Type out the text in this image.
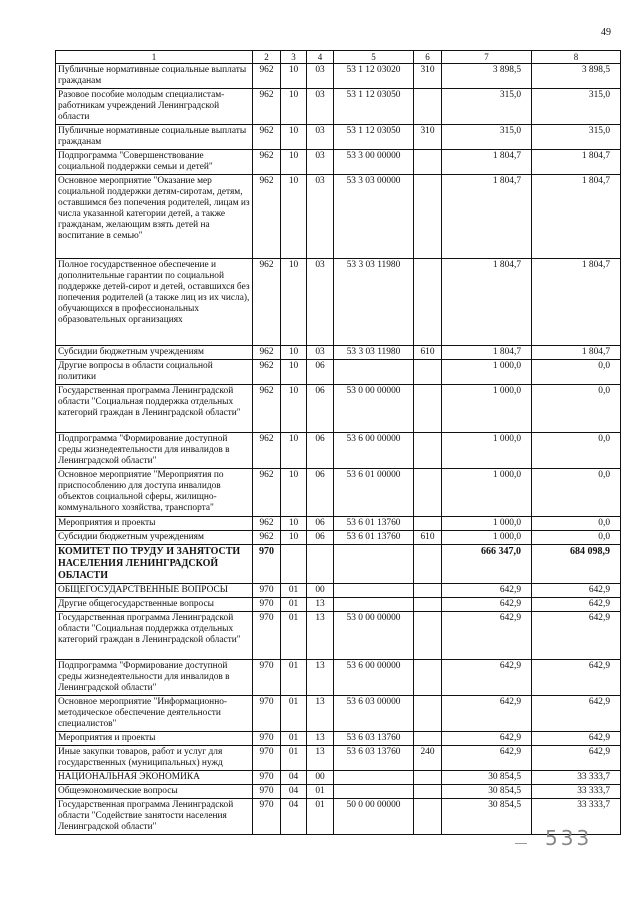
49
1	2	3	4	5	6	7	8
Публичные нормативные социальные выплаты гражданам	962	10	03	53 1 12 03020	310	3 898,5	3 898,5
Разовое пособие молодым специалистам-работникам учреждений Ленинградской области	962	10	03	53 1 12 03050		315,0	315,0
Публичные нормативные социальные выплаты гражданам	962	10	03	53 1 12 03050	310	315,0	315,0
Подпрограмма "Совершенствование социальной поддержки семьи и детей"	962	10	03	53 3 00 00000		1 804,7	1 804,7
Основное мероприятие "Оказание мер социальной поддержки детям-сиротам, детям, оставшимся без попечения родителей, лицам из числа указанной категории детей, а также гражданам, желающим взять детей на воспитание в семью"	962	10	03	53 3 03 00000		1 804,7	1 804,7
Полное государственное обеспечение и дополнительные гарантии по социальной поддержке детей-сирот и детей, оставшихся без попечения родителей (а также лиц из их числа), обучающихся в профессиональных образовательных организациях	962	10	03	53 3 03 11980		1 804,7	1 804,7
Субсидии бюджетным учреждениям	962	10	03	53 3 03 11980	610	1 804,7	1 804,7
Другие вопросы в области социальной политики	962	10	06			1 000,0	0,0
Государственная программа Ленинградской области "Социальная поддержка отдельных категорий граждан в Ленинградской области"	962	10	06	53 0 00 00000		1 000,0	0,0
Подпрограмма "Формирование доступной среды жизнедеятельности для инвалидов в Ленинградской области"	962	10	06	53 6 00 00000		1 000,0	0,0
Основное мероприятие "Мероприятия по приспособлению для доступа инвалидов объектов социальной сферы, жилищно-коммунального хозяйства, транспорта"	962	10	06	53 6 01 00000		1 000,0	0,0
Мероприятия и проекты	962	10	06	53 6 01 13760		1 000,0	0,0
Субсидии бюджетным учреждениям	962	10	06	53 6 01 13760	610	1 000,0	0,0
КОМИТЕТ ПО ТРУДУ И ЗАНЯТОСТИ НАСЕЛЕНИЯ ЛЕНИНГРАДСКОЙ ОБЛАСТИ	970					666 347,0	684 098,9
ОБЩЕГОСУДАРСТВЕННЫЕ ВОПРОСЫ	970	01	00			642,9	642,9
Другие общегосударственные вопросы	970	01	13			642,9	642,9
Государственная программа Ленинградской области "Социальная поддержка отдельных категорий граждан в Ленинградской области"	970	01	13	53 0 00 00000		642,9	642,9
Подпрограмма "Формирование доступной среды жизнедеятельности для инвалидов в Ленинградской области"	970	01	13	53 6 00 00000		642,9	642,9
Основное мероприятие "Информационно-методическое обеспечение деятельности специалистов"	970	01	13	53 6 03 00000		642,9	642,9
Мероприятия и проекты	970	01	13	53 6 03 13760		642,9	642,9
Иные закупки товаров, работ и услуг для государственных (муниципальных) нужд	970	01	13	53 6 03 13760	240	642,9	642,9
НАЦИОНАЛЬНАЯ ЭКОНОМИКА	970	04	00			30 854,5	33 333,7
Общеэкономические вопросы	970	04	01			30 854,5	33 333,7
Государственная программа Ленинградской области "Содействие занятости населения Ленинградской области"	970	04	01	50 0 00 00000		30 854,5	33 333,7
533
